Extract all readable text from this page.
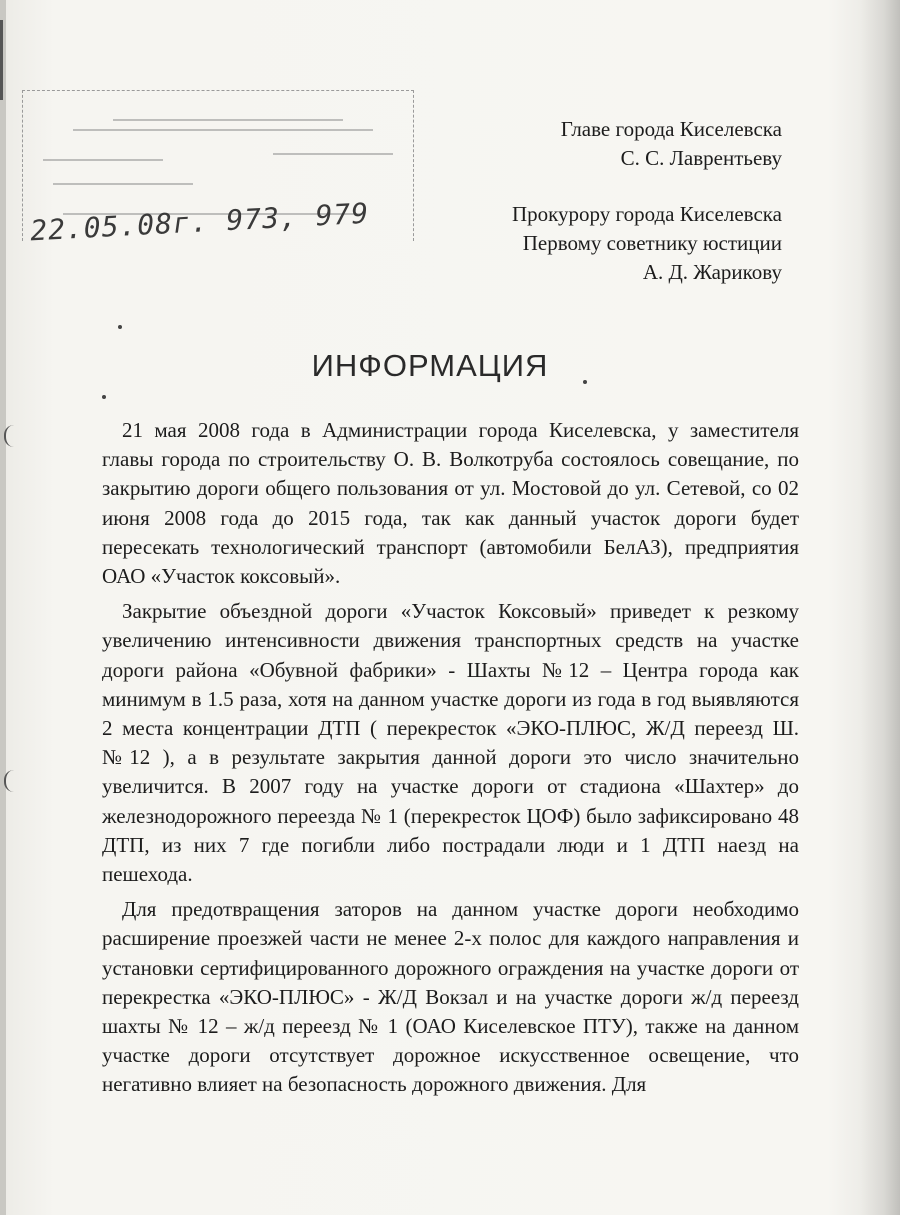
22.05.08г. 973, 979
Главе города Киселевска
С. С. Лаврентьеву
Прокурору города Киселевска
Первому советнику юстиции
А. Д. Жарикову
ИНФОРМАЦИЯ

21 мая 2008 года в Администрации города Киселевска, у заместителя главы города по строительству О. В. Волкотруба состоялось совещание, по закрытию дороги общего пользования от ул. Мостовой до ул. Сетевой, со 02 июня 2008 года до 2015 года, так как данный участок дороги будет пересекать технологический транспорт (автомобили БелАЗ), предприятия ОАО «Участок коксовый».

Закрытие объездной дороги «Участок Коксовый» приведет к резкому увеличению интенсивности движения транспортных средств на участке дороги района «Обувной фабрики» - Шахты №12 – Центра города как минимум в 1.5 раза, хотя на данном участке дороги из года в год выявляются 2 места концентрации ДТП ( перекресток «ЭКО-ПЛЮС, Ж/Д переезд Ш.№12 ), а в результате закрытия данной дороги это число значительно увеличится. В 2007 году на участке дороги от стадиона «Шахтер» до железнодорожного переезда № 1 (перекресток ЦОФ) было зафиксировано 48 ДТП, из них 7 где погибли либо пострадали люди и 1 ДТП наезд на пешехода.

Для предотвращения заторов на данном участке дороги необходимо расширение проезжей части не менее 2-х полос для каждого направления и установки сертифицированного дорожного ограждения на участке дороги от перекрестка «ЭКО-ПЛЮС» - Ж/Д Вокзал и на участке дороги ж/д переезд шахты № 12 – ж/д переезд № 1 (ОАО Киселевское ПТУ), также на данном участке дороги отсутствует дорожное искусственное освещение, что негативно влияет на безопасность дорожного движения. Для
